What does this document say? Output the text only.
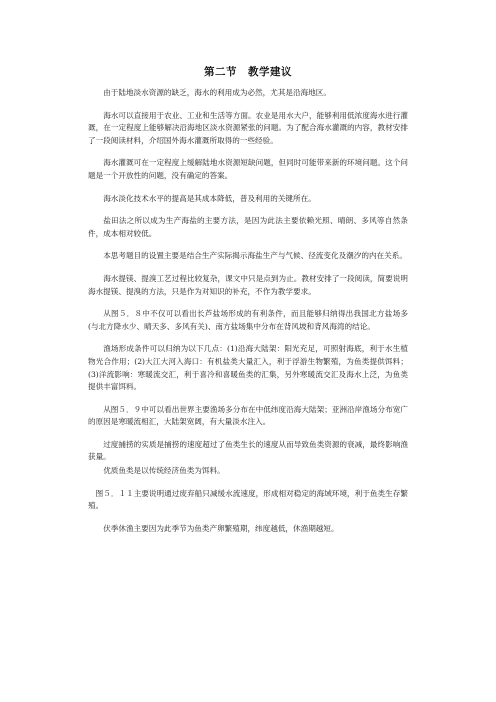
第二节　教学建议

由于陆地淡水资源的缺乏，海水的利用成为必然，尤其是沿海地区。

海水可以直接用于农业、工业和生活等方面。农业是用水大户，能够利用低浓度海水进行灌溉，在一定程度上能够解决沿海地区淡水资源紧张的问题。为了配合海水灌溉的内容，教材安排了一段阅读材料，介绍国外海水灌溉所取得的一些经验。

海水灌溉可在一定程度上缓解陆地水资源短缺问题，但同时可能带来新的环境问题。这个问题是一个开放性的问题，没有确定的答案。

海水淡化技术水平的提高是其成本降低，普及利用的关键所在。

盐田法之所以成为生产海盐的主要方法，是因为此法主要依赖光照、晴朗、多风等自然条件，成本相对较低。

本思考题目的设置主要是结合生产实际揭示海盐生产与气候、径流变化及潮汐的内在关系。

海水提镁、提溴工艺过程比较复杂，课文中只是点到为止。教材安排了一段阅读，简要说明海水提镁、提溴的方法，只是作为对知识的补充，不作为教学要求。

从图５．８中不仅可以看出长芦盐场形成的有利条件，而且能够归纳得出我国北方盐场多(与北方降水少、晴天多、多风有关)、南方盐场集中分布在背风坡和背风海湾的结论。

渔场形成条件可以归纳为以下几点：(1)沿海大陆架：阳光充足，可照射海底，利于水生植物光合作用；(2)大江大河入海口：有机盐类大量汇入，利于浮游生物繁殖，为鱼类提供饵料；(3)洋流影响：寒暖流交汇，利于喜冷和喜暖鱼类的汇集，另外寒暖流交汇及海水上泛，为鱼类提供丰富饵料。

从图５．９中可以看出世界主要渔场多分布在中低纬度沿海大陆架；亚洲沿岸渔场分布宽广的原因是寒暖流相汇，大陆架宽阔，有大量淡水注入。

过度捕捞的实质是捕捞的速度超过了鱼类生长的速度从而导致鱼类资源的衰减，最终影响渔获量。

优质鱼类是以传统经济鱼类为饵料。

图５．１１主要说明通过废弃船只减缓水流速度，形成相对稳定的海域环境，利于鱼类生存繁殖。

伏季休渔主要因为此季节为鱼类产卵繁殖期，纬度越低，休渔期越短。
